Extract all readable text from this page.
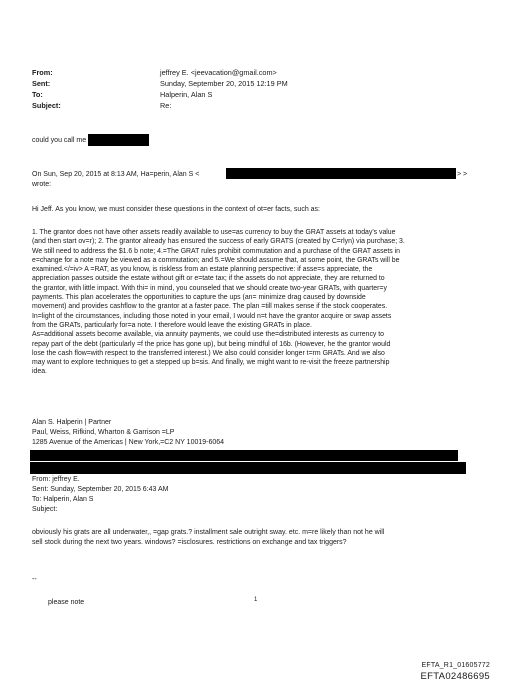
From:	jeffrey E. <jeevacation@gmail.com>
Sent:	Sunday, September 20, 2015 12:19 PM
To:	Halperin, Alan S
Subject:	Re:
could you call me
On Sun, Sep 20, 2015 at 8:13 AM, Ha=perin, Alan S <	> >
wrote:
Hi Jeff. As you know, we must consider these questions in the context of ot=er facts, such as:
1. The grantor does not have other assets readily available to use=as currency to buy the GRAT assets at today's value
(and then start ov=r); 2. The grantor already has ensured the success of early GRATS (created by C=rlyn) via purchase; 3.
We still need to address the $1.6 b note; 4.=The GRAT rules prohibit commutation and a purchase of the GRAT assets in
e=change for a note may be viewed as a commutation; and 5.=We should assume that, at some point, the GRATs will be
examined.</=iv> A =RAT, as you know, is riskless from an estate planning perspective: if asse=s appreciate, the
appreciation passes outside the estate without gift or e=tate tax; if the assets do not appreciate, they are returned to
the grantor, with little impact. With thi= in mind, you counseled that we should create two-year GRATs, with quarter=y
payments. This plan accelerates the opportunities to capture the ups (an= minimize drag caused by downside
movement) and provides cashflow to the grantor at a faster pace. The plan =till makes sense if the stock cooperates.
In=light of the circumstances, including those noted in your email, I would n=t have the grantor acquire or swap assets
from the GRATs, particularly for=a note. I therefore would leave the existing GRATs in place.
As=additional assets become available, via annuity payments, we could use the=distributed interests as currency to
repay part of the debt (particularly =f the price has gone up), but being mindful of 16b. (However, he the grantor would
lose the cash flow=with respect to the transferred interest.) We also could consider longer t=rm GRATs. And we also
may want to explore techniques to get a stepped up b=sis. And finally, we might want to re-visit the freeze partnership
idea.
Alan S. Halperin | Partner
Paul, Weiss, Rifkind, Wharton & Garrison =LP
1285 Avenue of the Americas | New York,=C2 NY 10019-6064
From: jeffrey E.
Sent: Sunday, September 20, 2015 6:43 AM
To: Halperin, Alan S
Subject:
obviously his grats are all underwater,, =gap grats.? installment sale outright sway. etc. m=re likely than not he will
sell stock during the next two years. windows? =isclosures. restrictions on exchange and tax triggers?
--
please note	1
EFTA_R1_01605772
EFTA02486695
